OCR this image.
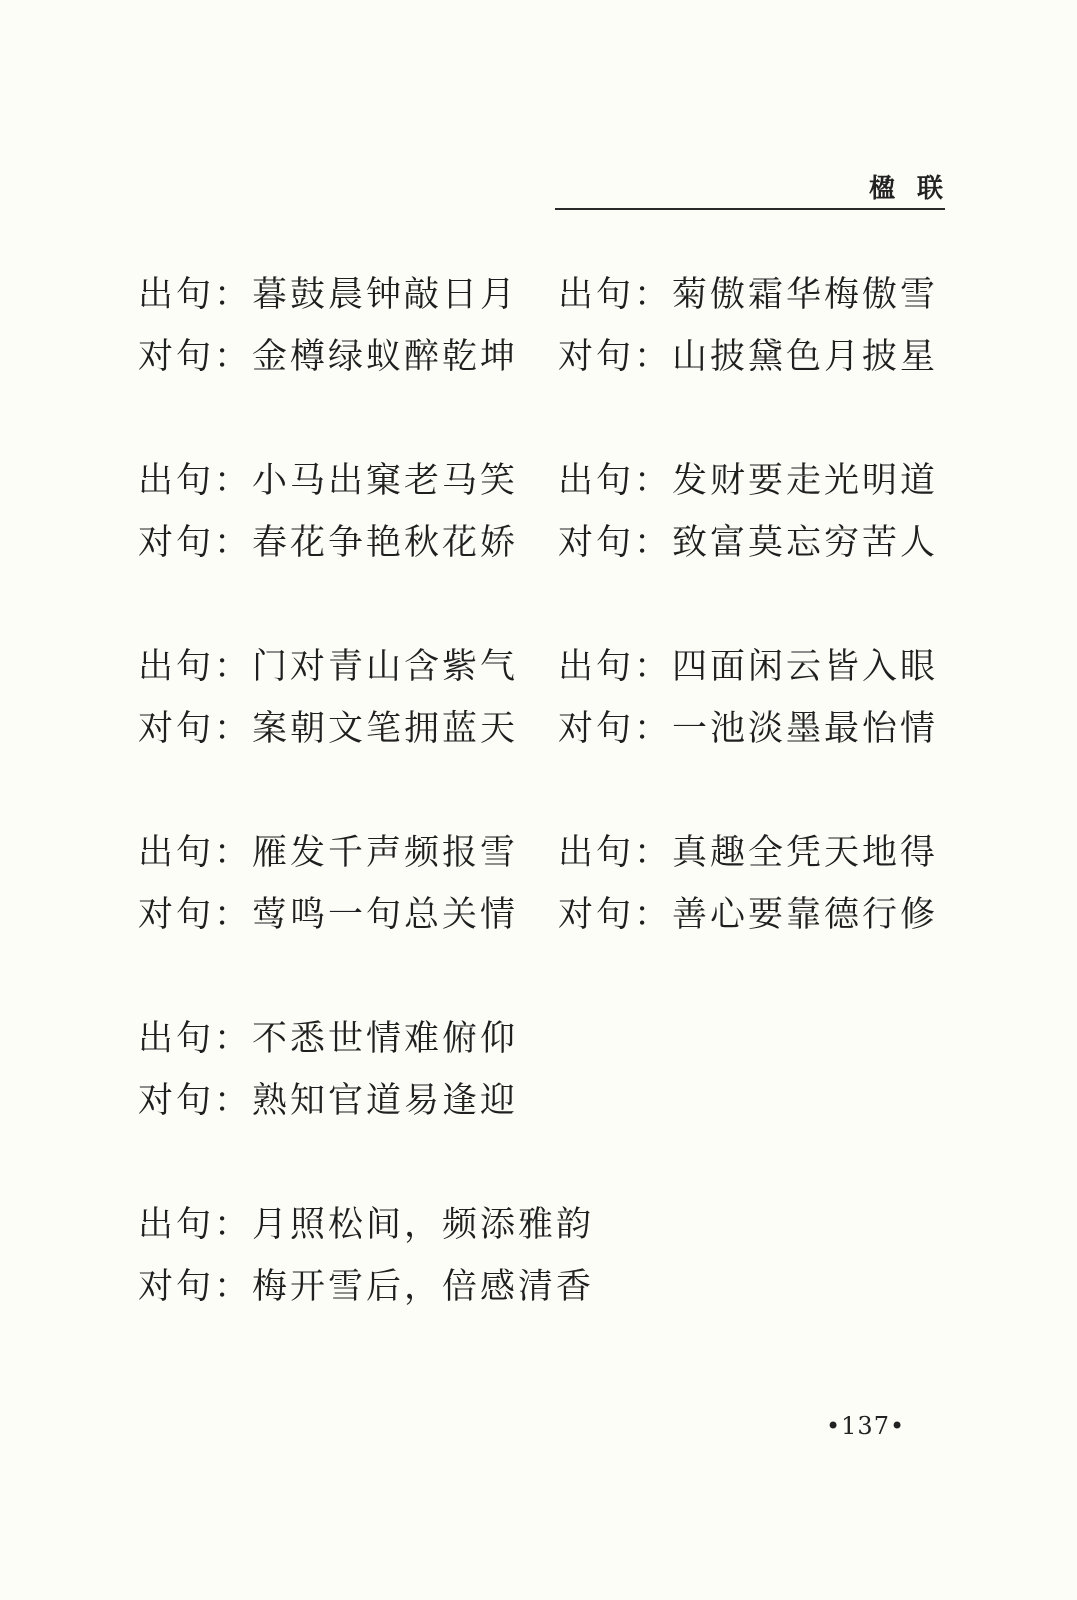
楹联
出句：暮鼓晨钟敲日月
对句：金樽绿蚁醉乾坤
出句：菊傲霜华梅傲雪
对句：山披黛色月披星
出句：小马出窠老马笑
对句：春花争艳秋花娇
出句：发财要走光明道
对句：致富莫忘穷苦人
出句：门对青山含紫气
对句：案朝文笔拥蓝天
出句：四面闲云皆入眼
对句：一池淡墨最怡情
出句：雁发千声频报雪
对句：莺鸣一句总关情
出句：真趣全凭天地得
对句：善心要靠德行修
出句：不悉世情难俯仰
对句：熟知官道易逢迎
出句：月照松间，频添雅韵
对句：梅开雪后，倍感清香
•137•
